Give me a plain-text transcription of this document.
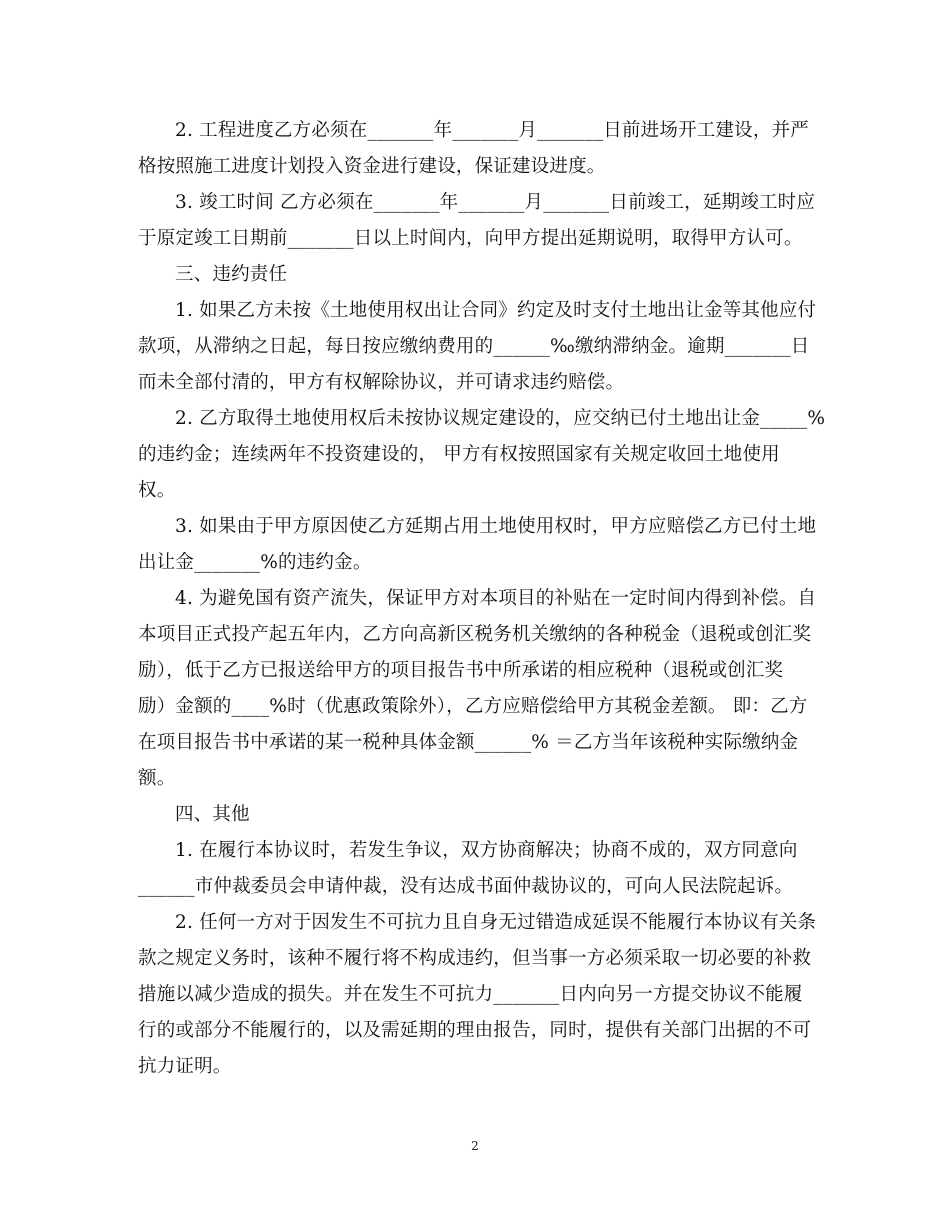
2. 工程进度乙方必须在_______年_______月_______日前进场开工建设，并严
格按照施工进度计划投入资金进行建设，保证建设进度。
3. 竣工时间 乙方必须在_______年_______月_______日前竣工，延期竣工时应
于原定竣工日期前_______日以上时间内，向甲方提出延期说明，取得甲方认可。
三、违约责任
1. 如果乙方未按《土地使用权出让合同》约定及时支付土地出让金等其他应付
款项，从滞纳之日起，每日按应缴纳费用的______‰缴纳滞纳金。逾期_______日
而未全部付清的，甲方有权解除协议，并可请求违约赔偿。
2. 乙方取得土地使用权后未按协议规定建设的，应交纳已付土地出让金_____%
的违约金；连续两年不投资建设的， 甲方有权按照国家有关规定收回土地使用
权。
3. 如果由于甲方原因使乙方延期占用土地使用权时，甲方应赔偿乙方已付土地
出让金_______%的违约金。
4. 为避免国有资产流失，保证甲方对本项目的补贴在一定时间内得到补偿。自
本项目正式投产起五年内，乙方向高新区税务机关缴纳的各种税金（退税或创汇奖
励），低于乙方已报送给甲方的项目报告书中所承诺的相应税种（退税或创汇奖
励）金额的____%时（优惠政策除外），乙方应赔偿给甲方其税金差额。 即：乙方
在项目报告书中承诺的某一税种具体金额______% ＝乙方当年该税种实际缴纳金
额。
四、其他
1. 在履行本协议时，若发生争议，双方协商解决；协商不成的，双方同意向
______市仲裁委员会申请仲裁，没有达成书面仲裁协议的，可向人民法院起诉。
2. 任何一方对于因发生不可抗力且自身无过错造成延误不能履行本协议有关条
款之规定义务时，该种不履行将不构成违约，但当事一方必须采取一切必要的补救
措施以减少造成的损失。并在发生不可抗力_______日内向另一方提交协议不能履
行的或部分不能履行的，以及需延期的理由报告，同时，提供有关部门出据的不可
抗力证明。
2
